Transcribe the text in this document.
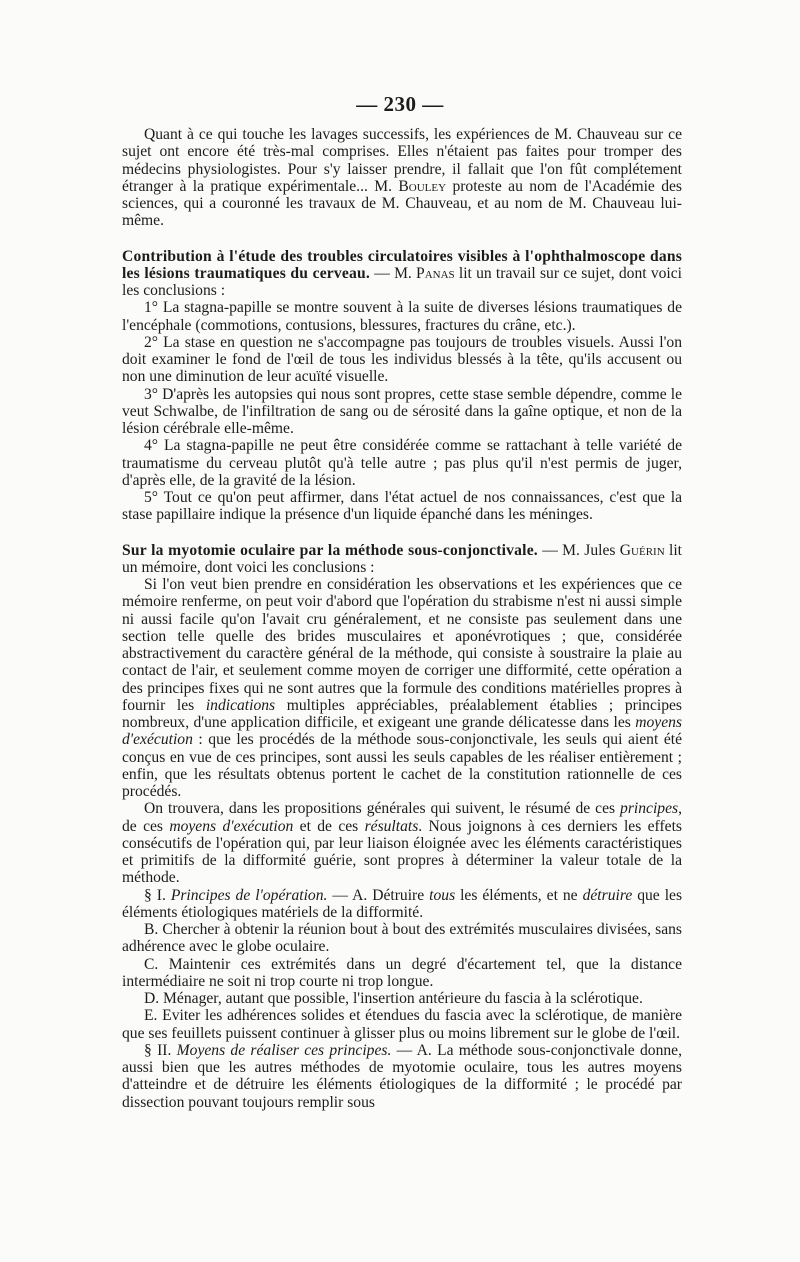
— 230 —

Quant à ce qui touche les lavages successifs, les expériences de M. Chauveau sur ce sujet ont encore été très-mal comprises. Elles n'étaient pas faites pour tromper des médecins physiologistes. Pour s'y laisser prendre, il fallait que l'on fût complétement étranger à la pratique expérimentale... M. Bouley proteste au nom de l'Académie des sciences, qui a couronné les travaux de M. Chauveau, et au nom de M. Chauveau lui-même.

Contribution à l'étude des troubles circulatoires visibles à l'ophthalmoscope dans les lésions traumatiques du cerveau. — M. Panas lit un travail sur ce sujet, dont voici les conclusions :

1° La stagna-papille se montre souvent à la suite de diverses lésions traumatiques de l'encéphale (commotions, contusions, blessures, fractures du crâne, etc.).

2° La stase en question ne s'accompagne pas toujours de troubles visuels. Aussi l'on doit examiner le fond de l'œil de tous les individus blessés à la tête, qu'ils accusent ou non une diminution de leur acuïté visuelle.

3° D'après les autopsies qui nous sont propres, cette stase semble dépendre, comme le veut Schwalbe, de l'infiltration de sang ou de sérosité dans la gaîne optique, et non de la lésion cérébrale elle-même.

4° La stagna-papille ne peut être considérée comme se rattachant à telle variété de traumatisme du cerveau plutôt qu'à telle autre ; pas plus qu'il n'est permis de juger, d'après elle, de la gravité de la lésion.

5° Tout ce qu'on peut affirmer, dans l'état actuel de nos connaissances, c'est que la stase papillaire indique la présence d'un liquide épanché dans les méninges.

Sur la myotomie oculaire par la méthode sous-conjonctivale. — M. Jules Guérin lit un mémoire, dont voici les conclusions :

Si l'on veut bien prendre en considération les observations et les expériences que ce mémoire renferme, on peut voir d'abord que l'opération du strabisme n'est ni aussi simple ni aussi facile qu'on l'avait cru généralement, et ne consiste pas seulement dans une section telle quelle des brides musculaires et aponévrotiques ; que, considérée abstractivement du caractère général de la méthode, qui consiste à soustraire la plaie au contact de l'air, et seulement comme moyen de corriger une difformité, cette opération a des principes fixes qui ne sont autres que la formule des conditions matérielles propres à fournir les indications multiples appréciables, préalablement établies ; principes nombreux, d'une application difficile, et exigeant une grande délicatesse dans les moyens d'exécution : que les procédés de la méthode sous-conjonctivale, les seuls qui aient été conçus en vue de ces principes, sont aussi les seuls capables de les réaliser entièrement ; enfin, que les résultats obtenus portent le cachet de la constitution rationnelle de ces procédés.

On trouvera, dans les propositions générales qui suivent, le résumé de ces principes, de ces moyens d'exécution et de ces résultats. Nous joignons à ces derniers les effets consécutifs de l'opération qui, par leur liaison éloignée avec les éléments caractéristiques et primitifs de la difformité guérie, sont propres à déterminer la valeur totale de la méthode.

§ I. Principes de l'opération. — A. Détruire tous les éléments, et ne détruire que les éléments étiologiques matériels de la difformité.

B. Chercher à obtenir la réunion bout à bout des extrémités musculaires divisées, sans adhérence avec le globe oculaire.

C. Maintenir ces extrémités dans un degré d'écartement tel, que la distance intermédiaire ne soit ni trop courte ni trop longue.

D. Ménager, autant que possible, l'insertion antérieure du fascia à la sclérotique.

E. Eviter les adhérences solides et étendues du fascia avec la sclérotique, de manière que ses feuillets puissent continuer à glisser plus ou moins librement sur le globe de l'œil.

§ II. Moyens de réaliser ces principes. — A. La méthode sous-conjonctivale donne, aussi bien que les autres méthodes de myotomie oculaire, tous les autres moyens d'atteindre et de détruire les éléments étiologiques de la difformité ; le procédé par dissection pouvant toujours remplir sous
